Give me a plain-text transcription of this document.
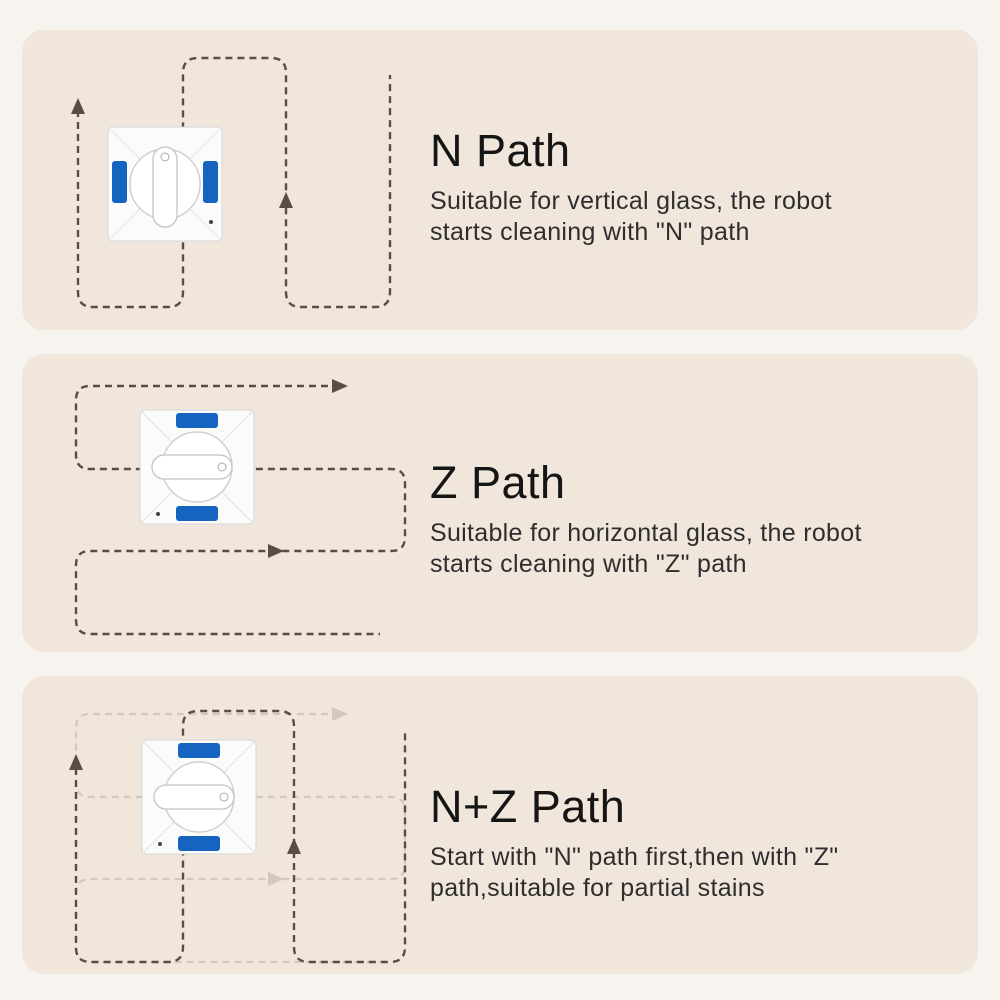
N Path

Suitable for vertical glass, the robot
starts cleaning with "N" path

Z Path

Suitable for horizontal glass, the robot
starts cleaning with "Z" path

N+Z Path

Start with "N" path first,then with "Z"
path,suitable for partial stains
